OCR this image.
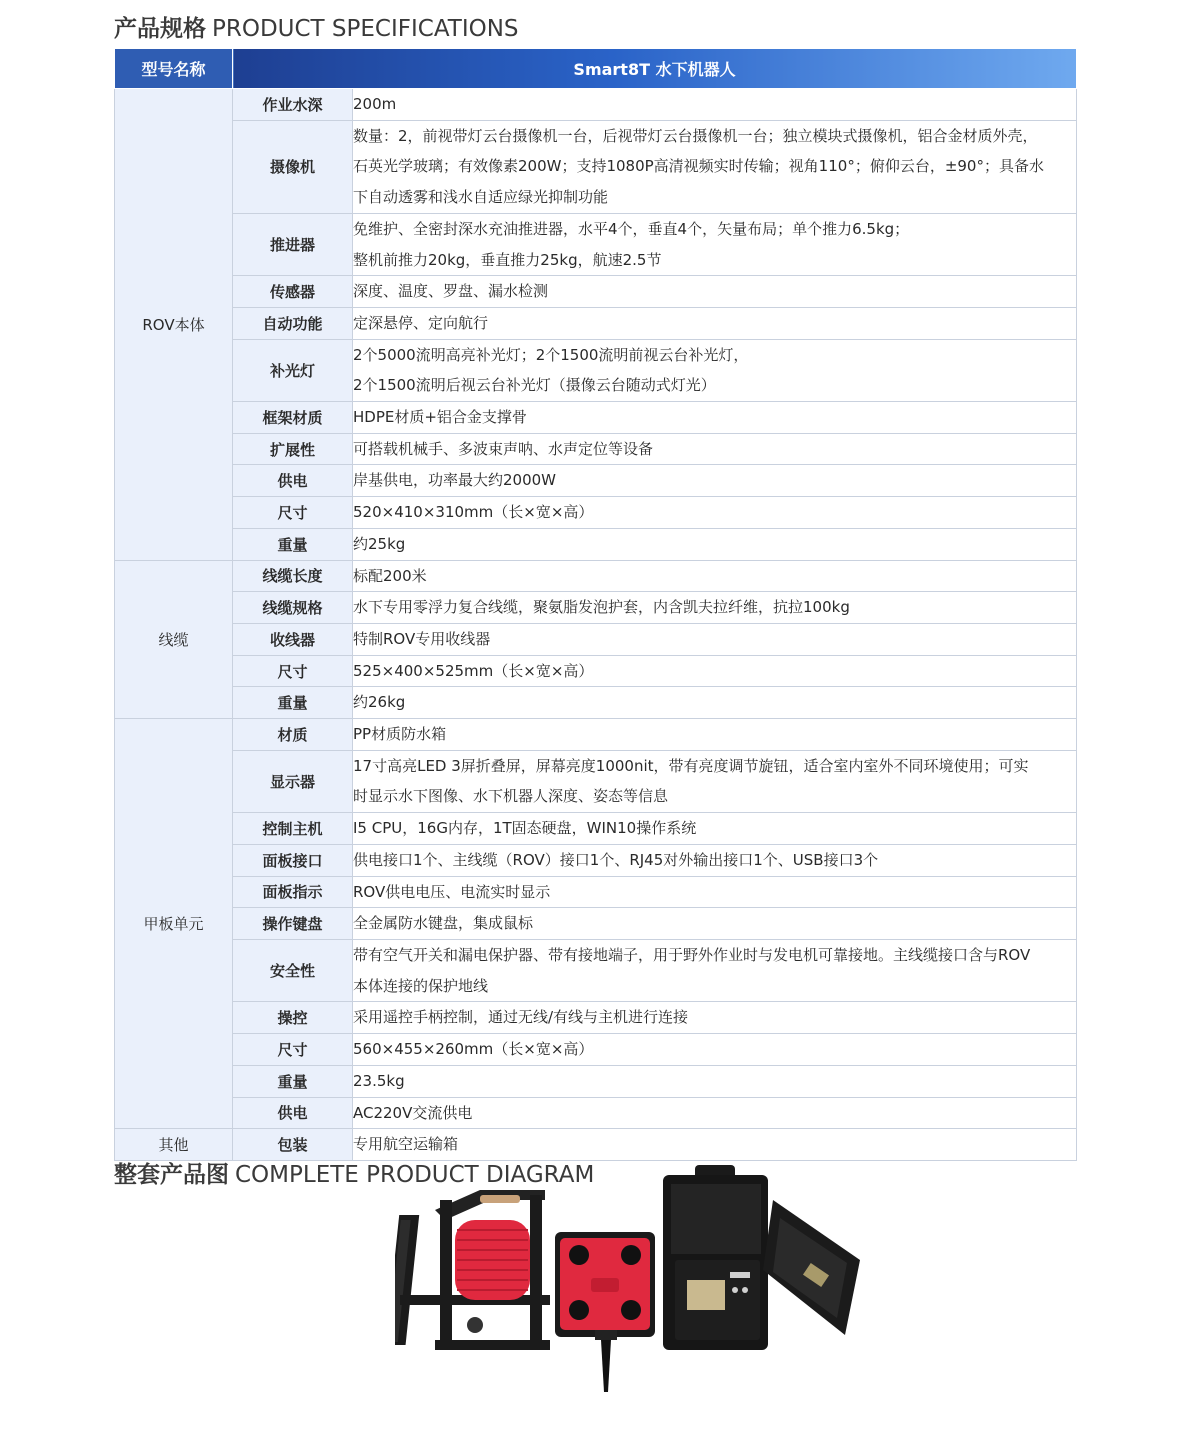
产品规格 PRODUCT SPECIFICATIONS
型号名称	Smart8T 水下机器人	
ROV本体	作业水深	200m

	摄像机	数量：2，前视带灯云台摄像机一台，后视带灯云台摄像机一台；独立模块式摄像机，铝合金材质外壳，
石英光学玻璃；有效像素200W；支持1080P高清视频实时传输；视角110°；俯仰云台，±90°；具备水
下自动透雾和浅水自适应绿光抑制功能

	推进器	免维护、全密封深水充油推进器，水平4个，垂直4个，矢量布局；单个推力6.5kg；
整机前推力20kg，垂直推力25kg，航速2.5节

	传感器	深度、温度、罗盘、漏水检测

	自动功能	定深悬停、定向航行

	补光灯	2个5000流明高亮补光灯；2个1500流明前视云台补光灯，
2个1500流明后视云台补光灯（摄像云台随动式灯光）

	框架材质	HDPE材质+铝合金支撑骨

	扩展性	可搭载机械手、多波束声呐、水声定位等设备

	供电	岸基供电，功率最大约2000W

	尺寸	520×410×310mm（长×宽×高）

	重量	约25kg

线缆	线缆长度	标配200米

	线缆规格	水下专用零浮力复合线缆，聚氨脂发泡护套，内含凯夫拉纤维，抗拉100kg

	收线器	特制ROV专用收线器

	尺寸	525×400×525mm（长×宽×高）

	重量	约26kg

甲板单元	材质	PP材质防水箱

	显示器	17寸高亮LED 3屏折叠屏，屏幕亮度1000nit，带有亮度调节旋钮，适合室内室外不同环境使用；可实
时显示水下图像、水下机器人深度、姿态等信息

	控制主机	I5 CPU，16G内存，1T固态硬盘，WIN10操作系统

	面板接口	供电接口1个、主线缆（ROV）接口1个、RJ45对外输出接口1个、USB接口3个

	面板指示	ROV供电电压、电流实时显示

	操作键盘	全金属防水键盘，集成鼠标

	安全性	带有空气开关和漏电保护器、带有接地端子，用于野外作业时与发电机可靠接地。主线缆接口含与ROV
本体连接的保护地线

	操控	采用遥控手柄控制，通过无线/有线与主机进行连接

	尺寸	560×455×260mm（长×宽×高）

	重量	23.5kg

	供电	AC220V交流供电

其他	包装	专用航空运输箱
整套产品图 COMPLETE PRODUCT DIAGRAM
